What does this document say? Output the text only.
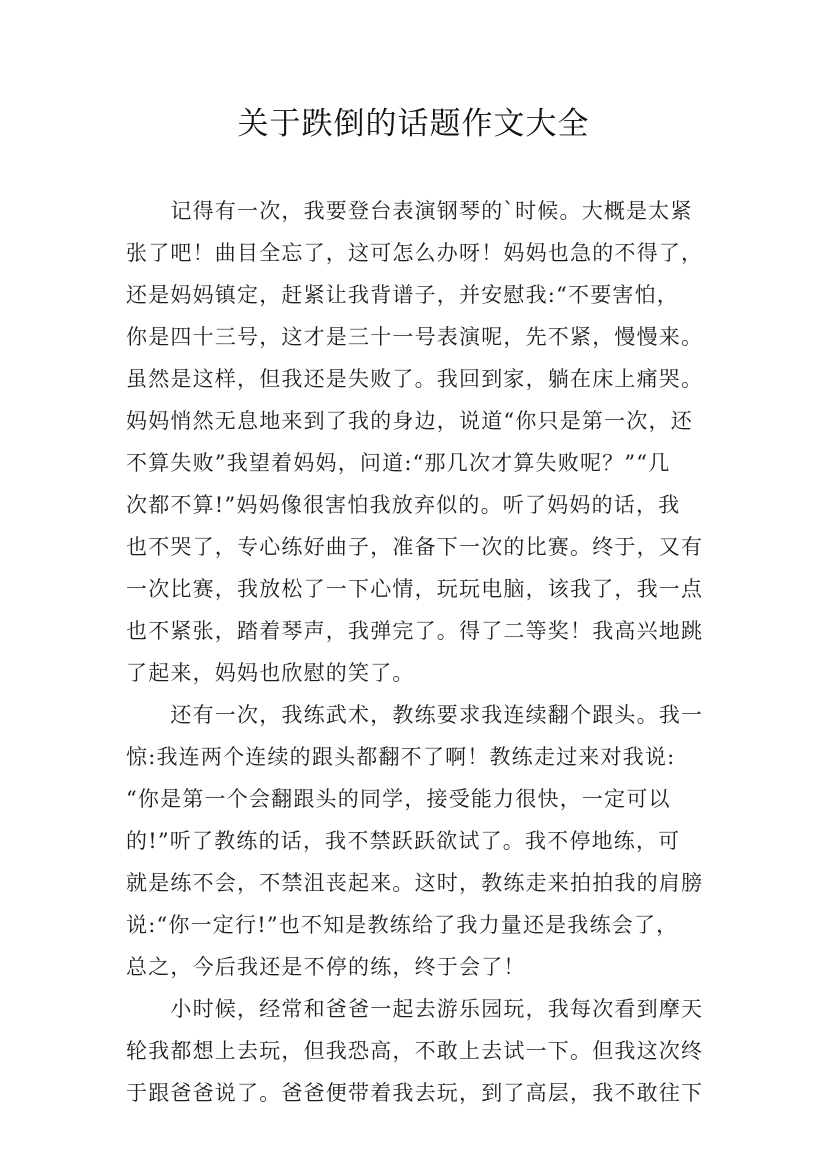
关于跌倒的话题作文大全
　　记得有一次，我要登台表演钢琴的`时候。大概是太紧
张了吧！曲目全忘了，这可怎么办呀！妈妈也急的不得了，
还是妈妈镇定，赶紧让我背谱子，并安慰我:“不要害怕，
你是四十三号，这才是三十一号表演呢，先不紧，慢慢来。
虽然是这样，但我还是失败了。我回到家，躺在床上痛哭。
妈妈悄然无息地来到了我的身边，说道“你只是第一次，还
不算失败”我望着妈妈，问道:“那几次才算失败呢？”“几
次都不算!”妈妈像很害怕我放弃似的。听了妈妈的话，我
也不哭了，专心练好曲子，准备下一次的比赛。终于，又有
一次比赛，我放松了一下心情，玩玩电脑，该我了，我一点
也不紧张，踏着琴声，我弹完了。得了二等奖！我高兴地跳
了起来，妈妈也欣慰的笑了。
　　还有一次，我练武术，教练要求我连续翻个跟头。我一
惊:我连两个连续的跟头都翻不了啊！教练走过来对我说:
“你是第一个会翻跟头的同学，接受能力很快，一定可以
的!”听了教练的话，我不禁跃跃欲试了。我不停地练，可
就是练不会，不禁沮丧起来。这时，教练走来拍拍我的肩膀
说:“你一定行!”也不知是教练给了我力量还是我练会了，
总之，今后我还是不停的练，终于会了！
　　小时候，经常和爸爸一起去游乐园玩，我每次看到摩天
轮我都想上去玩，但我恐高，不敢上去试一下。但我这次终
于跟爸爸说了。爸爸便带着我去玩，到了高层，我不敢往下
